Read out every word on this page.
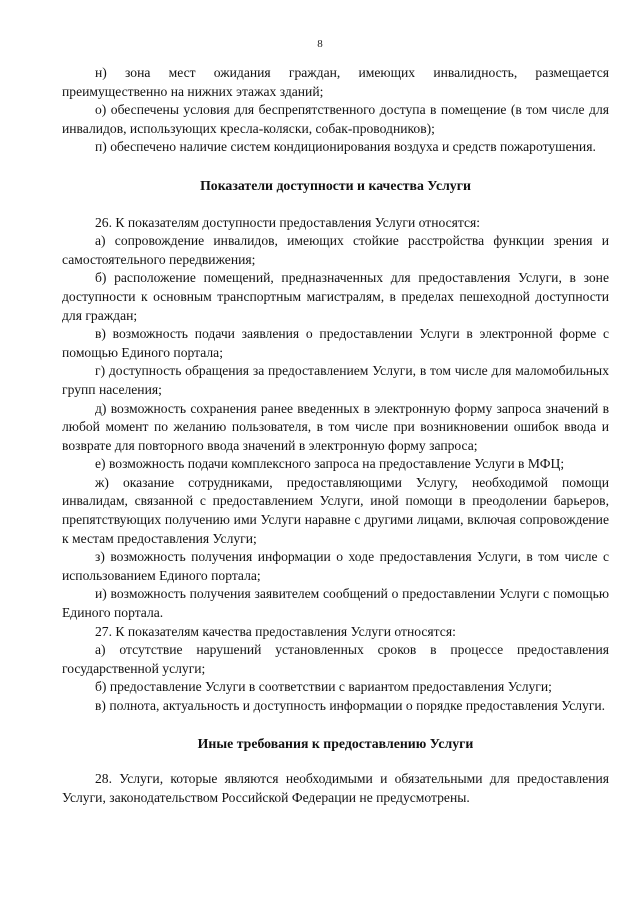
8

н) зона мест ожидания граждан, имеющих инвалидность, размещается преимущественно на нижних этажах зданий;

о) обеспечены условия для беспрепятственного доступа в помещение (в том числе для инвалидов, использующих кресла-коляски, собак-проводников);

п) обеспечено наличие систем кондиционирования воздуха и средств пожаротушения.

Показатели доступности и качества Услуги

26. К показателям доступности предоставления Услуги относятся:

а) сопровождение инвалидов, имеющих стойкие расстройства функции зрения и самостоятельного передвижения;

б) расположение помещений, предназначенных для предоставления Услуги, в зоне доступности к основным транспортным магистралям, в пределах пешеходной доступности для граждан;

в) возможность подачи заявления о предоставлении Услуги в электронной форме с помощью Единого портала;

г) доступность обращения за предоставлением Услуги, в том числе для маломобильных групп населения;

д) возможность сохранения ранее введенных в электронную форму запроса значений в любой момент по желанию пользователя, в том числе при возникновении ошибок ввода и возврате для повторного ввода значений в электронную форму запроса;

е) возможность подачи комплексного запроса на предоставление Услуги в МФЦ;

ж) оказание сотрудниками, предоставляющими Услугу, необходимой помощи инвалидам, связанной с предоставлением Услуги, иной помощи в преодолении барьеров, препятствующих получению ими Услуги наравне с другими лицами, включая сопровождение к местам предоставления Услуги;

з) возможность получения информации о ходе предоставления Услуги, в том числе с использованием Единого портала;

и) возможность получения заявителем сообщений о предоставлении Услуги с помощью Единого портала.

27. К показателям качества предоставления Услуги относятся:

а) отсутствие нарушений установленных сроков в процессе предоставления государственной услуги;

б) предоставление Услуги в соответствии с вариантом предоставления Услуги;

в) полнота, актуальность и доступность информации о порядке предоставления Услуги.

Иные требования к предоставлению Услуги

28. Услуги, которые являются необходимыми и обязательными для предоставления Услуги, законодательством Российской Федерации не предусмотрены.
